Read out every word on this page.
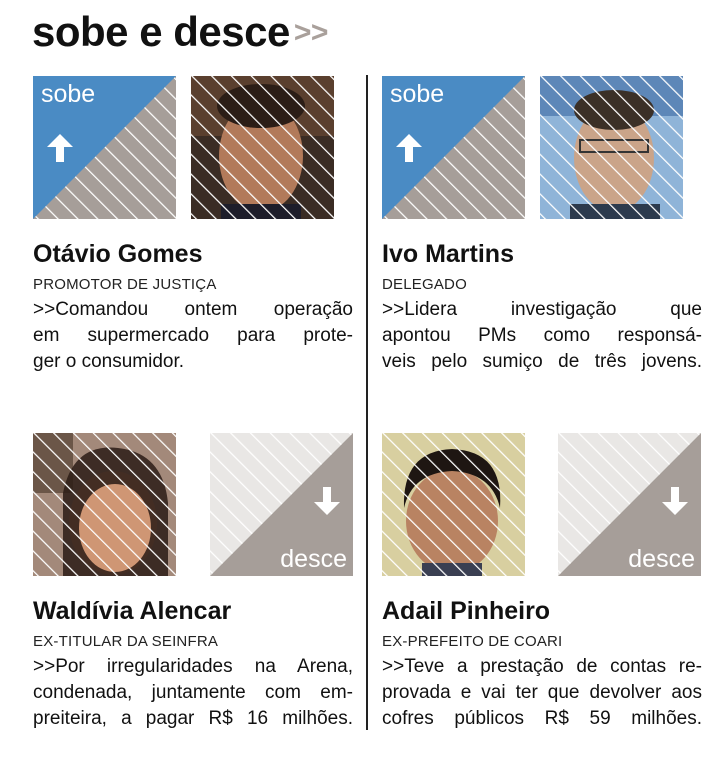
sobe e desce >>
sobe
Otávio Gomes
PROMOTOR DE JUSTIÇA
>>Comandou ontem operação
em supermercado para prote-
ger o consumidor.
sobe
Ivo Martins
DELEGADO
>>Lidera investigação que
apontou PMs como responsá-
veis pelo sumiço de três jovens.
desce
Waldívia Alencar
EX-TITULAR DA SEINFRA
>>Por irregularidades na Arena,
condenada, juntamente com em-
preiteira, a pagar R$ 16 milhões.
desce
Adail Pinheiro
EX-PREFEITO DE COARI
>>Teve a prestação de contas re-
provada e vai ter que devolver aos
cofres públicos R$ 59 milhões.
